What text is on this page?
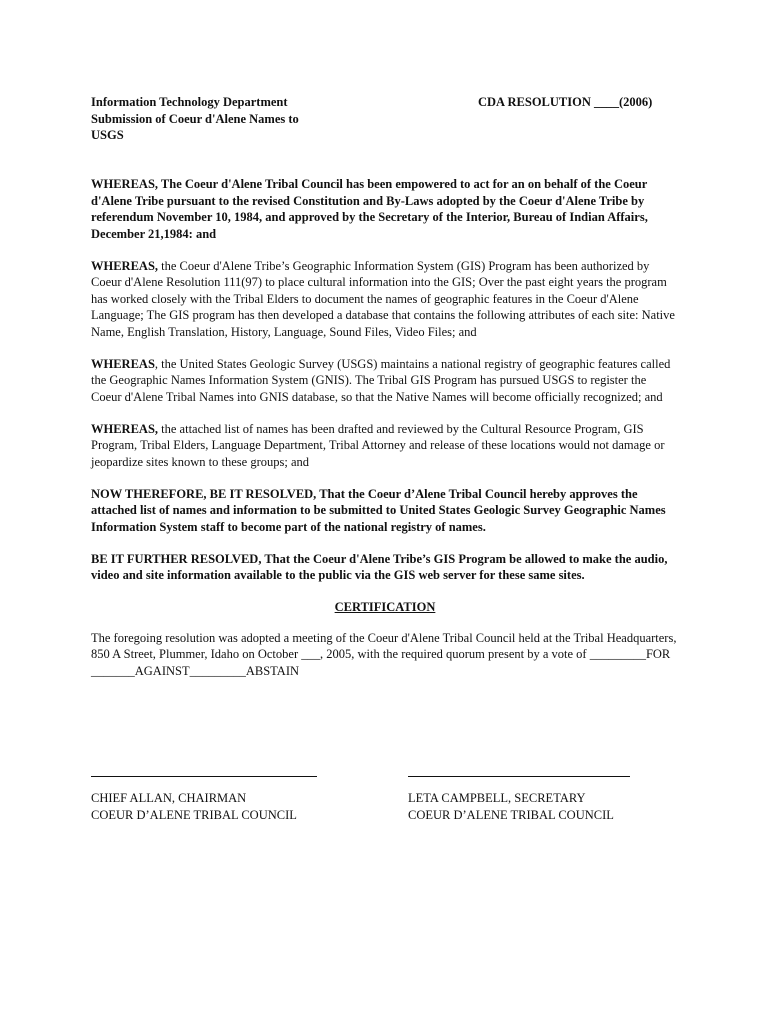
Information Technology Department
Submission of Coeur d'Alene Names to
USGS
CDA RESOLUTION ____(2006)

WHEREAS, The Coeur d'Alene Tribal Council has been empowered to act for an on behalf of the Coeur d'Alene Tribe pursuant to the revised Constitution and By-Laws adopted by the Coeur d'Alene Tribe by referendum November 10, 1984, and approved by the Secretary of the Interior, Bureau of Indian Affairs, December 21,1984: and

WHEREAS, the Coeur d'Alene Tribe’s Geographic Information System (GIS) Program has been authorized by Coeur d'Alene Resolution 111(97) to place cultural information into the GIS; Over the past eight years the program has worked closely with the Tribal Elders to document the names of geographic features in the Coeur d'Alene Language; The GIS program has then developed a database that contains the following attributes of each site: Native Name, English Translation, History, Language, Sound Files, Video Files; and

WHEREAS, the United States Geologic Survey (USGS) maintains a national registry of geographic features called the Geographic Names Information System (GNIS). The Tribal GIS Program has pursued USGS to register the Coeur d'Alene Tribal Names into GNIS database, so that the Native Names will become officially recognized; and

WHEREAS, the attached list of names has been drafted and reviewed by the Cultural Resource Program, GIS Program, Tribal Elders, Language Department, Tribal Attorney and release of these locations would not damage or jeopardize sites known to these groups; and

NOW THEREFORE, BE IT RESOLVED, That the Coeur d’Alene Tribal Council hereby approves the attached list of names and information to be submitted to United States Geologic Survey Geographic Names Information System staff to become part of the national registry of names.

BE IT FURTHER RESOLVED, That the Coeur d'Alene Tribe’s GIS Program be allowed to make the audio, video and site information available to the public via the GIS web server for these same sites.

CERTIFICATION

The foregoing resolution was adopted a meeting of the Coeur d'Alene Tribal Council held at the Tribal Headquarters, 850 A Street, Plummer, Idaho on October ___, 2005, with the required quorum present by a vote of _________FOR _______AGAINST_________ABSTAIN

CHIEF ALLAN, CHAIRMAN
COEUR D’ALENE TRIBAL COUNCIL
LETA CAMPBELL, SECRETARY
COEUR D’ALENE TRIBAL COUNCIL
